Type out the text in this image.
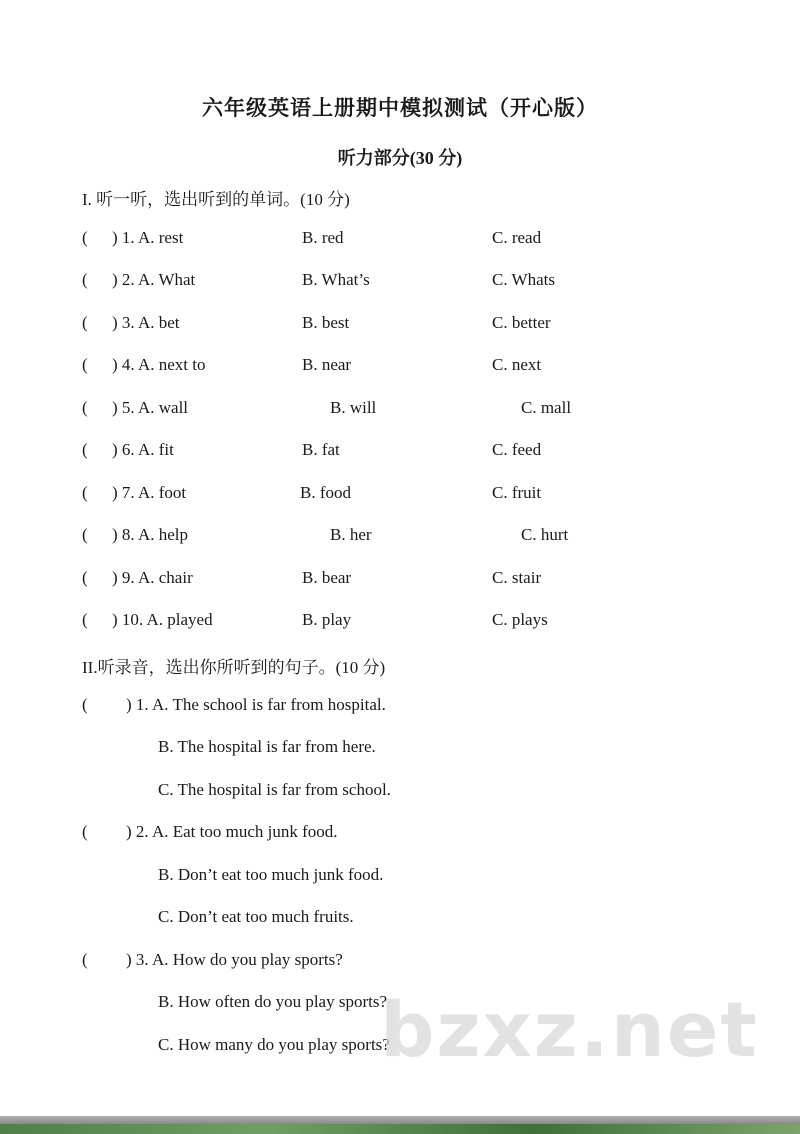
六年级英语上册期中模拟测试（开心版）
听力部分(30 分)
I. 听一听，选出听到的单词。(10 分)
( ) 1. A. rest	B. red	C. read
( ) 2. A. What	B. What’s	C. Whats
( ) 3. A. bet	B. best	C. better
( ) 4. A. next to	B. near	C. next
( ) 5. A. wall	B. will	C. mall
( ) 6. A. fit	B. fat	C. feed
( ) 7. A. foot	B. food	C. fruit
( ) 8. A. help	B. her	C. hurt
( ) 9. A. chair	B. bear	C. stair
( ) 10. A. played	B. play	C. plays
II.听录音，选出你所听到的句子。(10 分)
( ) 1. A. The school is far from hospital.
B. The hospital is far from here.
C. The hospital is far from school.
( ) 2. A. Eat too much junk food.
B. Don’t eat too much junk food.
C. Don’t eat too much fruits.
( ) 3. A. How do you play sports?
B. How often do you play sports?
C. How many do you play sports?
bzxz.net
